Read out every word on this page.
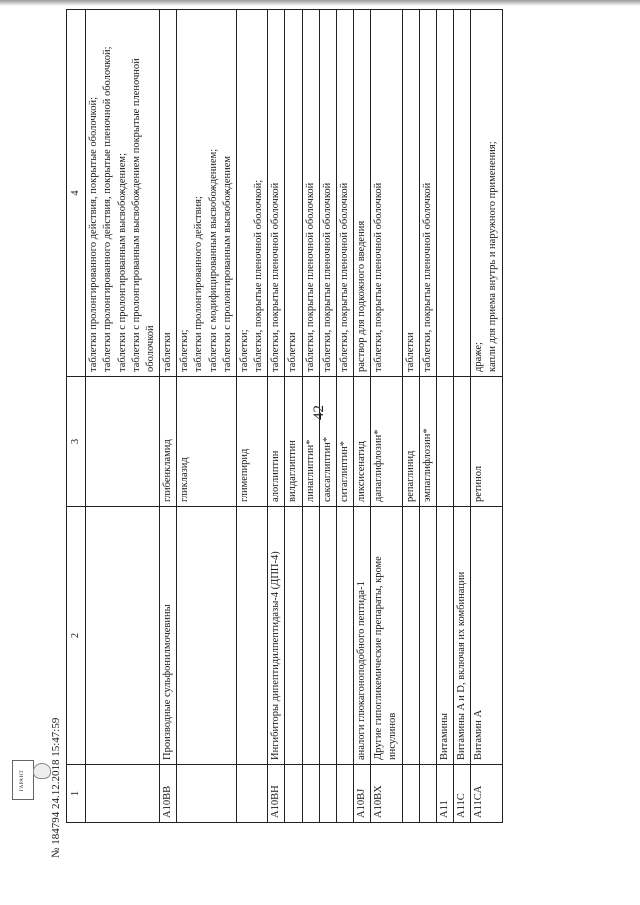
42
1	2	3	4

			таблетки пролонгированного действия, покрытые оболочкой; таблетки пролонгированного действия, покрытые пленочной оболочкой; таблетки с пролонгированным высвобождением; таблетки с пролонгированным высвобождением покрытые пленочной оболочкой

A10BB	Производные сульфонилмочевины	глибенкламид	таблетки

		гликлазид	таблетки; таблетки пролонгированного действия; таблетки с модифицированным высвобождением; таблетки с пролонгированным высвобождением

		глимепирид	таблетки; таблетки, покрытые пленочной оболочкой;

A10BH	Ингибиторы дипептидилпептидазы-4 (ДПП-4)	алоглиптин	таблетки, покрытые пленочной оболочкой

		вилдаглиптин	таблетки

		линаглиптин*	таблетки, покрытые пленочной оболочкой

		саксаглиптин*	таблетки, покрытые пленочной оболочкой

		ситаглиптин*	таблетки, покрытые пленочной оболочкой

A10BJ	аналоги глюкагоноподобного пептида-1	ликсисенатид	раствор для подкожного введения

A10BX	Другие гипогликемические препараты, кроме инсулинов	дапаглифлозин*	таблетки, покрытые пленочной оболочкой

		репаглинид	таблетки

		эмпаглифлозин*	таблетки, покрытые пленочной оболочкой

A11	Витамины		

A11C	Витамины A и D, включая их комбинации		

A11CA	Витамин A	ретинол	драже; капли для приема внутрь и наружного применения;
ГАРАНТ
№ 184794 24.12.2018 15:47:59
